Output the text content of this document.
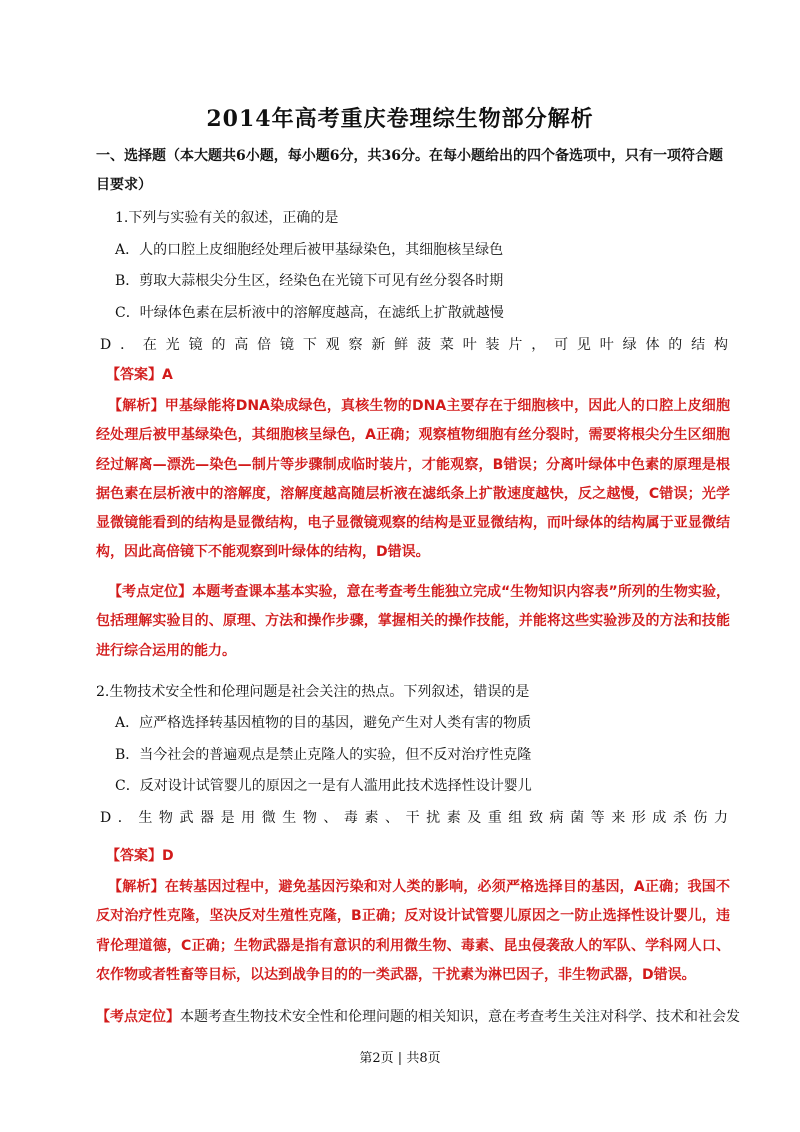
2014年高考重庆卷理综生物部分解析
一、选择题（本大题共6小题，每小题6分，共36分。在每小题给出的四个备选项中，只有一项符合题目要求）
1.下列与实验有关的叙述，正确的是
A．人的口腔上皮细胞经处理后被甲基绿染色，其细胞核呈绿色
B．剪取大蒜根尖分生区，经染色在光镜下可见有丝分裂各时期
C．叶绿体色素在层析液中的溶解度越高，在滤纸上扩散就越慢
D．在光镜的高倍镜下观察新鲜菠菜叶装片，可见叶绿体的结构
【答案】A
【解析】甲基绿能将DNA染成绿色，真核生物的DNA主要存在于细胞核中，因此人的口腔上皮细胞经处理后被甲基绿染色，其细胞核呈绿色，A正确；观察植物细胞有丝分裂时，需要将根尖分生区细胞经过解离—漂洗—染色—制片等步骤制成临时装片，才能观察，B错误；分离叶绿体中色素的原理是根据色素在层析液中的溶解度，溶解度越高随层析液在滤纸条上扩散速度越快，反之越慢，C错误；光学显微镜能看到的结构是显微结构，电子显微镜观察的结构是亚显微结构，而叶绿体的结构属于亚显微结构，因此高倍镜下不能观察到叶绿体的结构，D错误。
【考点定位】本题考查课本基本实验，意在考查考生能独立完成“生物知识内容表”所列的生物实验，包括理解实验目的、原理、方法和操作步骤，掌握相关的操作技能，并能将这些实验涉及的方法和技能进行综合运用的能力。
2.生物技术安全性和伦理问题是社会关注的热点。下列叙述，错误的是
A．应严格选择转基因植物的目的基因，避免产生对人类有害的物质
B．当今社会的普遍观点是禁止克隆人的实验，但不反对治疗性克隆
C．反对设计试管婴儿的原因之一是有人滥用此技术选择性设计婴儿
D．生物武器是用微生物、毒素、干扰素及重组致病菌等来形成杀伤力
【答案】D
【解析】在转基因过程中，避免基因污染和对人类的影响，必须严格选择目的基因，A正确；我国不反对治疗性克隆，坚决反对生殖性克隆，B正确；反对设计试管婴儿原因之一防止选择性设计婴儿，违背伦理道德，C正确；生物武器是指有意识的利用微生物、毒素、昆虫侵袭敌人的军队、学科网人口、农作物或者牲畜等目标，以达到战争目的的一类武器，干扰素为淋巴因子，非生物武器，D错误。
【考点定位】本题考查生物技术安全性和伦理问题的相关知识，意在考查考生关注对科学、技术和社会发
第2页 | 共8页
